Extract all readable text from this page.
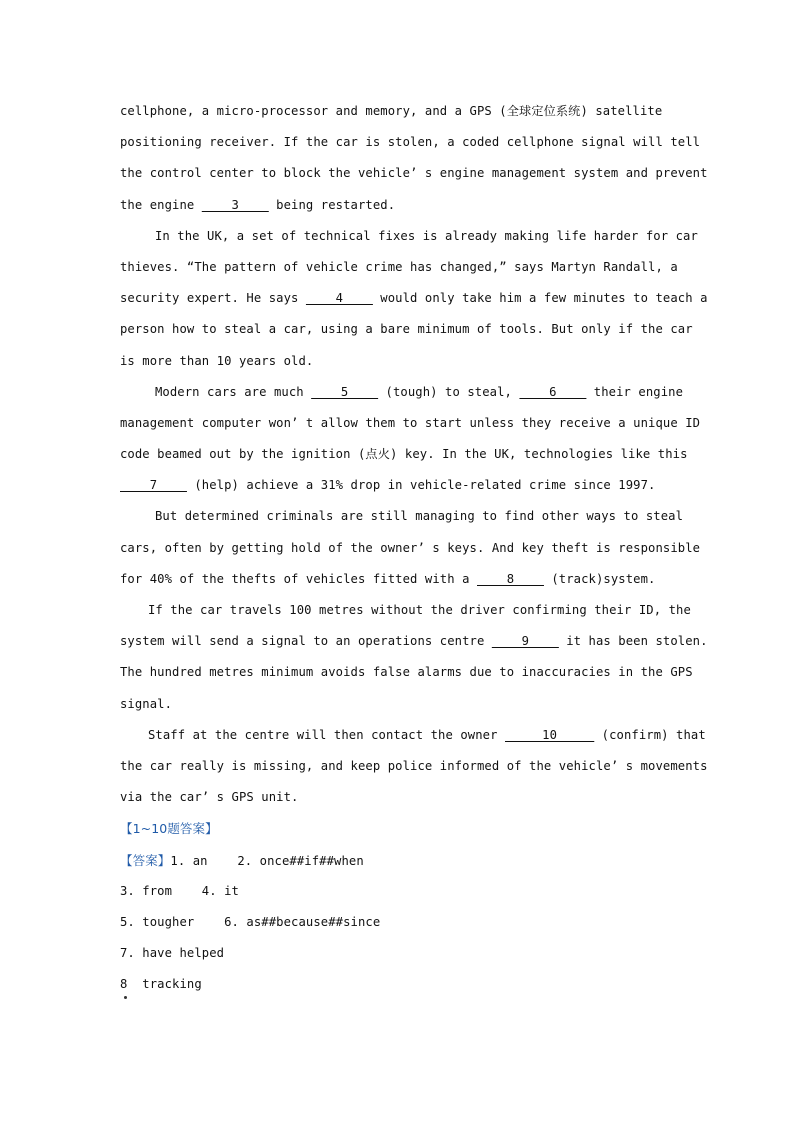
cellphone, a micro-processor and memory, and a GPS (全球定位系统) satellite
positioning receiver. If the car is stolen, a coded cellphone signal will tell
the control center to block the vehicle’ s engine management system and prevent
the engine ____3____ being restarted.
In the UK, a set of technical fixes is already making life harder for car
thieves. “The pattern of vehicle crime has changed,” says Martyn Randall, a
security expert. He says ____4____ would only take him a few minutes to teach a
person how to steal a car, using a bare minimum of tools. But only if the car
is more than 10 years old.
Modern cars are much ____5____ (tough) to steal, ____6____ their engine
management computer won’ t allow them to start unless they receive a unique ID
code beamed out by the ignition (点火) key. In the UK, technologies like this
____7____ (help) achieve a 31% drop in vehicle-related crime since 1997.
But determined criminals are still managing to find other ways to steal
cars, often by getting hold of the owner’ s keys. And key theft is responsible
for 40% of the thefts of vehicles fitted with a ____8____ (track)system.
If the car travels 100 metres without the driver confirming their ID, the
system will send a signal to an operations centre ____9____ it has been stolen.
The hundred metres minimum avoids false alarms due to inaccuracies in the GPS
signal.
Staff at the centre will then contact the owner _____10_____ (confirm) that
the car really is missing, and keep police informed of the vehicle’ s movements
via the car’ s GPS unit.
【1~10题答案】
【答案】1. an    2. once##if##when
3. from    4. it
5. tougher    6. as##because##since
7. have helped
8  tracking
